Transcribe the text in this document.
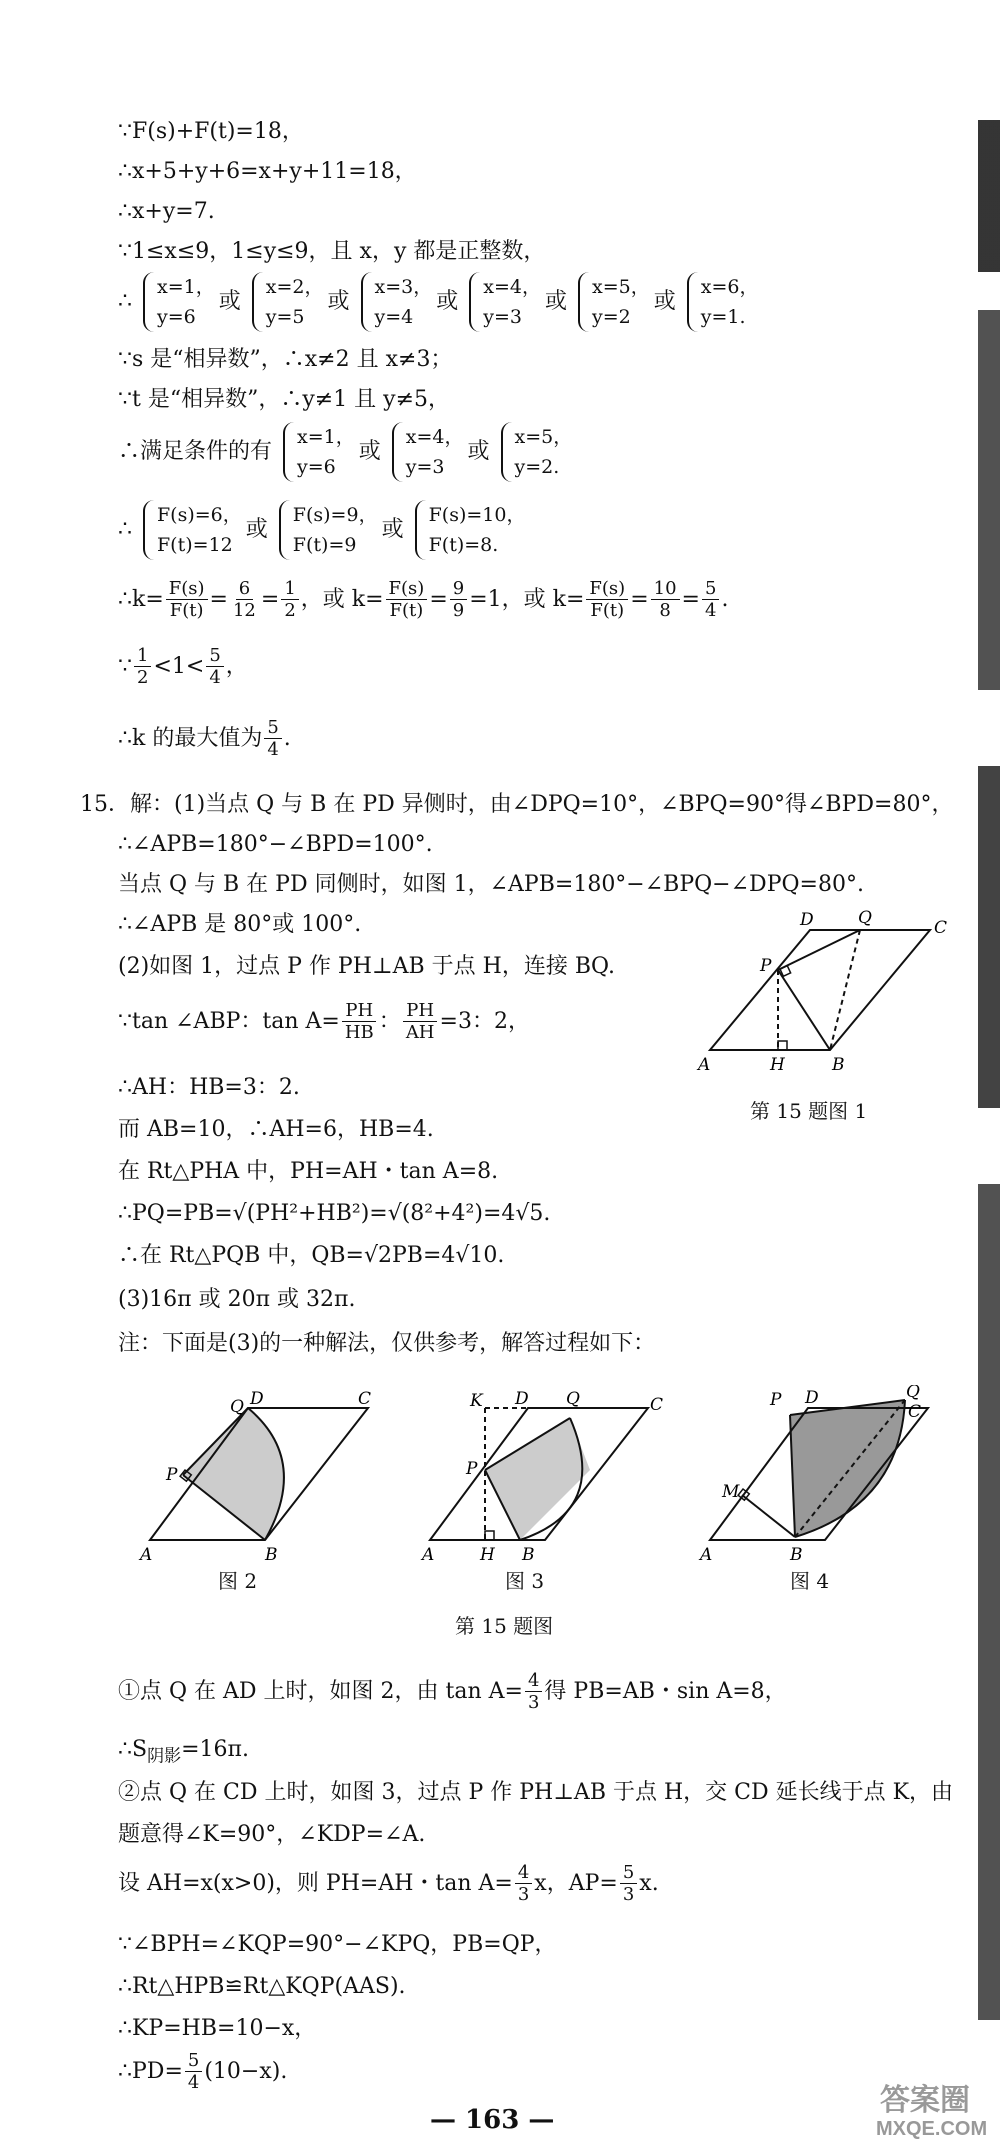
∵F(s)+F(t)=18，
∴x+5+y+6=x+y+11=18，
∴x+y=7.
∵1≤x≤9，1≤y≤9，且 x，y 都是正整数，
∴
x=1，
y=6
或
x=2，
y=5
或
x=3，
y=4
或
x=4，
y=3
或
x=5，
y=2
或
x=6，
y=1.
∵s 是“相异数”，∴x≠2 且 x≠3；
∵t 是“相异数”，∴y≠1 且 y≠5，
∴满足条件的有
x=1，
y=6
或
x=4，
y=3
或
x=5，
y=2.
∴
F(s)=6，
F(t)=12
或
F(s)=9，
F(t)=9
或
F(s)=10，
F(t)=8.
∴k= $\frac{F(s)}{F(t)} = \frac{6}{12} = \frac{1}{2}$ ，或 $k= \frac{F(s)}{F(t)} = \frac{9}{9} =1$，或 $k= \frac{F(s)}{F(t)} = \frac{10}{8} = \frac{5}{4}$ .
∵ $\frac{1}{2} <1< \frac{5}{4}$ ，
∴k 的最大值为 $\frac{5}{4}$ .
15．解：(1)当点 Q 与 B 在 PD 异侧时，由∠DPQ=10°，∠BPQ=90°得∠BPD=80°，
∴∠APB=180°−∠BPD=100°.
当点 Q 与 B 在 PD 同侧时，如图 1，∠APB=180°−∠BPQ−∠DPQ=80°.
∴∠APB 是 80°或 100°.
(2)如图 1，过点 P 作 PH⊥AB 于点 H，连接 BQ.
∵tan ∠ABP：$\tan A= \frac{PH}{HB}$ ： $\frac{PH}{AH} =3$：2，
∴AH：HB=3：2.
而 AB=10，∴AH=6，HB=4.
在 Rt△PHA 中，PH=AH・tan A=8.
∴PQ=PB=√(PH²+HB²)=√(8²+4²)=4√5.
∴在 Rt△PQB 中，QB=√2PB=4√10.
(3)16π 或 20π 或 32π.
注：下面是(3)的一种解法，仅供参考，解答过程如下：
D	Q	C
P
A	H	B
第 15 题图 1
Q D	C
P
A	B
图 2
K D Q	C
P
A	H B
图 3
P D	Q
C
M
A	B
图 4
第 15 题图
①点 Q 在 AD 上时，如图 2，由 $\tan A= \frac{4}{3}$ 得 PB=AB・sin A=8，
$\therefore S_{阴影}=16\pi$.
②点 Q 在 CD 上时，如图 3，过点 P 作 PH⊥AB 于点 H，交 CD 延长线于点 K，由
题意得∠K=90°，∠KDP=∠A.
设 AH=x(x>0)，则 PH=AH・$\tan A= \frac{4}{3}$ x，$AP= \frac{5}{3} x$.
∵∠BPH=∠KQP=90°−∠KPQ，PB=QP，
∴Rt△HPB≌Rt△KQP(AAS).
∴KP=HB=10−x，
∴PD= $\frac{5}{4} (10-x)$.
— 163 —
答案圈
MXQE.COM
